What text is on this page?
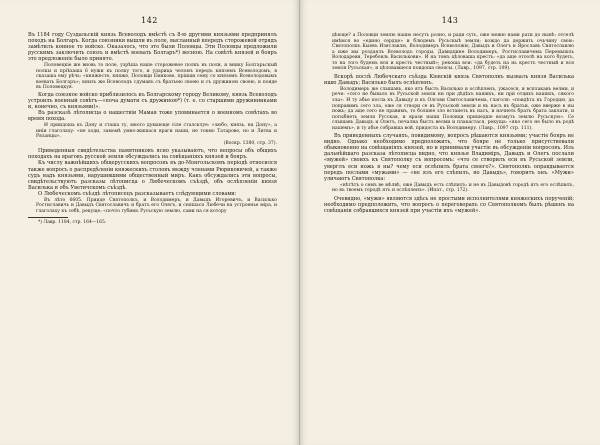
142

Въ 1184 году Суздальскій князь Всеволодъ вмѣстѣ съ 8-ю другими князьями предпринялъ походъ на Болгаръ. Когда союзники вышли въ поле, высланный впередъ сторожевой отрядъ замѣтилъ конное то войско. Оказалось, что это были Половцы. Эти Половцы предложили русскимъ заключить союзъ и вмѣстѣ воевать Болгаръ*) весною. На совѣтѣ князей и бояръ это предложеніе было принято.

Половецкіе же вновь то поле, узрѣша наше сторожевое полкъ въ поли, и внику Болгарьскый полкы и пріѣхаша 6 нужи къ полку того, и ударица челомъ передъ княземъ Всеволодомъ, в сказаша ему рѣчь: «княжесте, княже, Половци Емякове, пріиши сему со княземъ Всеволодовымъ воевать Болгаръ»; книзъ же Всеволодъ сдумавъ съ братьею своею и съ дружиною своею, и поиде въ Половецкуя.

Когда союзное войско приблизилось къ Болгарскому городу Великому, князь Всеволодъ устроилъ военный совѣтъ—«поча думати съ дружиною*) (т. е. со старшими дружинниками и, конечно, съ князьями)».

Въ разсказѣ лѣтописца о нашествіи Мамая тоже упоминается о военномъ совѣтахъ во время похода.

И приидоша къ Дону и сташа ту, много думающе сіле сталсклуе: «любо, князь, на Дону», а иніи глаголаху: «не ходи, замомѣ умно-жишася враги наши, не токмо Татарове, но и Литва и Рязанцы».

(Воскр. 1380, стр. 37).

Приведенныя свидѣтельства памятниковъ ясно указываютъ, что вопросы объ общихъ походахъ на враговъ русской земли обсуждались на совѣщаніяхъ князей и бояръ.

Къ числу важнѣйшихъ общерусскихъ вопросовъ въ до-Монгольскомъ періодѣ относился также вопросъ о распредѣленіи княжескихъ столовъ между членами Рюриковичей, а также судъ надъ князьями, нарушившими общественный миръ. Какъ обсуждались эти вопросы, свидѣтельствуютъ разсказы лѣтописца о Любеческомъ съѣздѣ, объ ослѣпленіи князя Василька и объ Уветичскомъ съѣздѣ.

О Любеческомъ съѣздѣ лѣтописецъ разсказываетъ слѣдующими словами:

Въ лѣто 6605. Прииде Святополкъ, и Володимеръ, и Давыдъ Игоревичъ, и Василько Ростиславичь и Давыдъ Святославичъ и братъ его Олегъ, и сняшася Любечи на устроенье міра, и глаголаху къ себѣ, рекуще: «почто губимъ Русьскую землю, сами на ся котору

*) Лавр. 1184, стр. 164—165.

143

дѣюще? а Половци землю нашю несуть розно, и ради суть, оже межю нами рати до нынѣ: отселѣ имѣмся во «едино сердце» и блюдемъ Русьскыѣ земли; кождо да держить очьчину свою: Святополкъ Кыевъ Изяславлю, Володимеръ Всеволожю, Давыдъ и Олегъ и Ярославъ Святославлю а иже мы роздаялъ Всеволодъ городы, Давидцине Володимеръ, Ростиславичема Перемышль Володареви, Теребовль Василькови». И на томъ цѣловаша крестъ: «да аще отселѣ на кого будеть, то на того будемъ вси и крестъ честный»; рекоша вси: «да будеть на нь крестъ честный и вся земля Русьская», и цѣловавшеся поидоша своясы. (Лавр., 1097, стр. 109).

Вскорѣ послѣ Любечскаго съѣзда Кіевскій князь Святополкъ вызвалъ князя Василька ишю Давыдъ; Василько былъ ослѣпленъ.

Володимеръ же слышавъ, яко ятъ бысть Василько и ослѣпленъ, ужасеся, и всплакавъ велми, и рече: «сего не бывало въ Русьской земли ни при дѣдѣхъ нашихъ, ни при отцихъ нашихъ, сякого зла». И ту абье посла къ Давыду и къ Олгови Святославичема, глаголя: «поидѣта къ Городцю, да поправимъ сего зла, оже ся створи се въ Русьской земли и въ насъ въ братьи, оже вверже в ны ножь; да аще сего не правимъ, то болшее зло встанеть въ насъ, и начнеть братъ брата заклати, и погыбнеть земля Русская, и врази наши Половци пришедше возмуть землю Русьскую». Се слышавъ Давыдъ и Олегъ, печална бысть велми и плакастася, рекуща: «яко сего не было въ родѣ нашемъ», и ту абье собравша вой, придоста къ Володимеру. (Лавр., 1097 стр. 111).

Въ приведенныхъ случаяхъ, повидимому, вопросъ рѣшаются князьями; участіе бояръ не видно. Однако необходимо предположить, что бояре не только присутствовали обыкновенно на совѣщаніяхъ князей, но и принимали участіе въ обсужденіи вопросовъ. Изъ дальнѣйшаго разсказа лѣтописца видно, что князья Владиміръ, Давыдъ и Олегъ послали «мужей» своихъ къ Святополку съ вопросомъ: «что се створилъ еси въ Русьской земли, уверглъ еси ножь в ны? чему еси ослѣпилъ брата своего?». Святополкъ оправдывается передъ послами «мужами» — «не язъ его слѣпилъ, но Давыдъ», говоритъ онъ. «Мужи» уличаютъ Святополка:

«нѣтѣтъ о семъ ве мѣлвѣ, оже Давыдъ есть слѣпилъ: и не въ Давыдовѣ городѣ ятъ его ослѣпилъ, но въ твоемъ городѣ ятъ и ослѣпленъ». (Ипат., стр. 172).

Очевидно, «мужи» являются здѣсь не простыми исполнителями княжескихъ порученій; необходимо предположить, что вопросъ о переговорахъ со Святополкомъ былъ рѣшенъ на совѣщаніи собравшихся князей при участіи ихъ «мужей».
